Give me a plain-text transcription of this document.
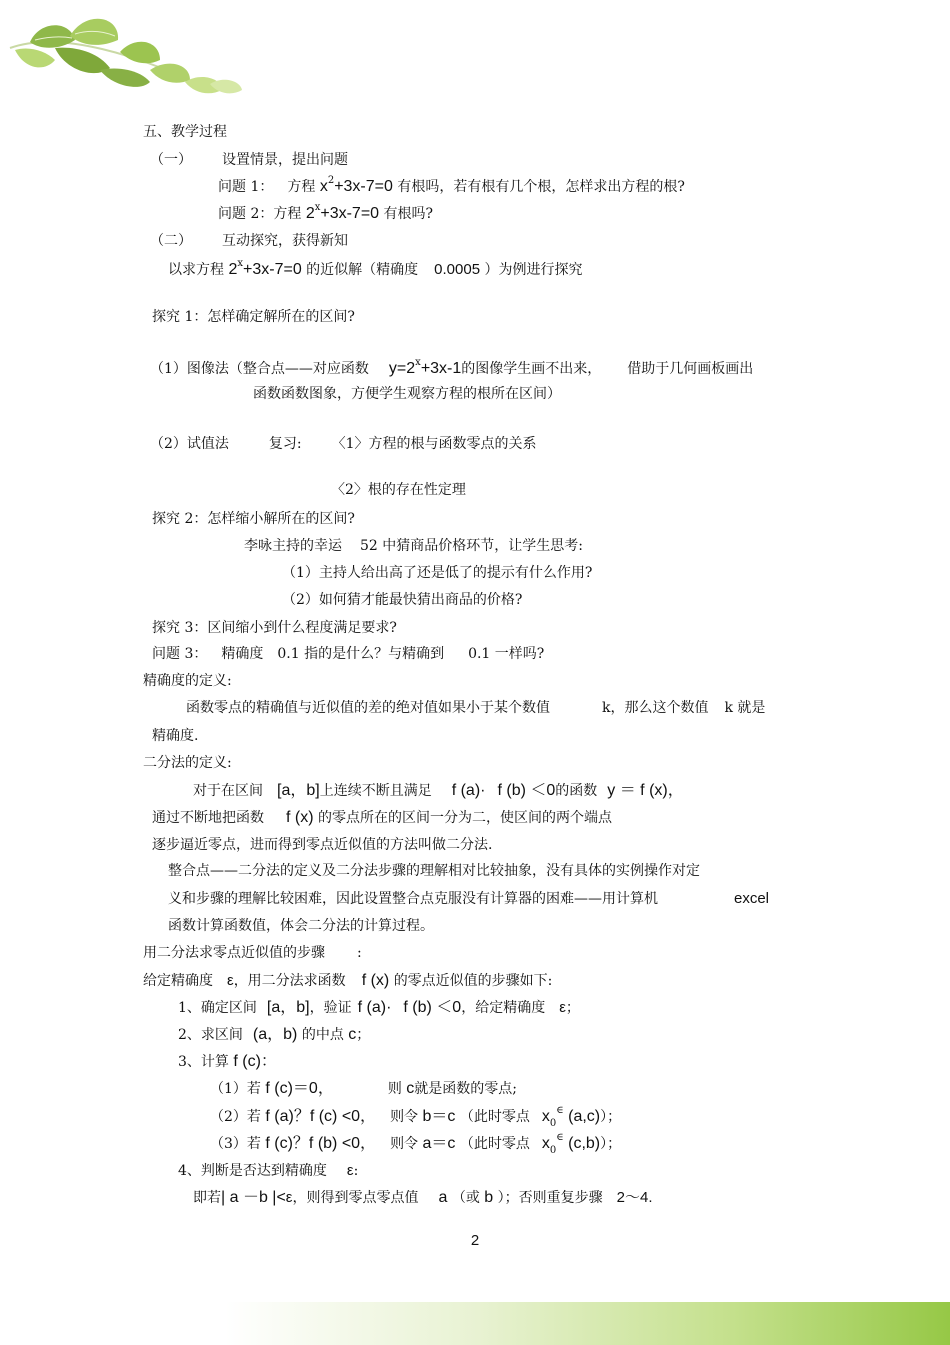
五、教学过程
（一） 设置情景，提出问题
问题 1： 方程 $x^2+3x-7=0$ 有根吗，若有根有几个根，怎样求出方程的根?
问题 2：方程 $2^x+3x-7=0$ 有根吗?
（二） 互动探究，获得新知
以求方程 $2^x+3x-7=0$ 的近似解（精确度 0.0005 ）为例进行探究
探究 1：怎样确定解所在的区间?
（1）图像法（整合点——对应函数 $y=2^x+3x-1$的图像学生画不出来， 借助于几何画板画出
函数函数图象，方便学生观察方程的根所在区间）
（2）试值法	复习: 〈1〉方程的根与函数零点的关系
〈2〉根的存在性定理
探究 2：怎样缩小解所在的区间?
李咏主持的幸运 52 中猜商品价格环节，让学生思考:
（1）主持人给出高了还是低了的提示有什么作用?
（2）如何猜才能最快猜出商品的价格?
探究 3：区间缩小到什么程度满足要求?
问题 3： 精确度 0.1 指的是什么？与精确到 0.1 一样吗?
精确度的定义:
函数零点的精确值与近似值的差的绝对值如果小于某个数值	k，那么这个数值 k 就是
精确度.
二分法的定义:
对于在区间 [a，b]上连续不断且满足 f (a)· f (b) ＜0的函数 y ＝ f (x)，
通过不断地把函数 f (x) 的零点所在的区间一分为二，使区间的两个端点
逐步逼近零点，进而得到零点近似值的方法叫做二分法.
整合点——二分法的定义及二分法步骤的理解相对比较抽象，没有具体的实例操作对定
义和步骤的理解比较困难，因此设置整合点克服没有计算器的困难——用计算机	excel
函数计算函数值，体会二分法的计算过程。
用二分法求零点近似值的步骤 :
给定精确度 ε，用二分法求函数 f (x) 的零点近似值的步骤如下:
1、确定区间 [a，b]，验证 f (a)· f (b) ＜0，给定精确度 ε；
2、求区间 (a，b) 的中点 c；
3、计算 f (c)：
（1）若 f (c)＝0，	则 c就是函数的零点;
（2）若 f (a)？f (c) <0， 则令 b＝c （此时零点 $x_0^\in$ (a,c)）；
（3）若 f (c)？f (b) <0， 则令 a＝c （此时零点 $x_0^\in$ (c,b)）；
4、判断是否达到精确度 ε:
即若| a －b |<ε，则得到零点零点值 a （或 b ）；否则重复步骤 2～4.
2
